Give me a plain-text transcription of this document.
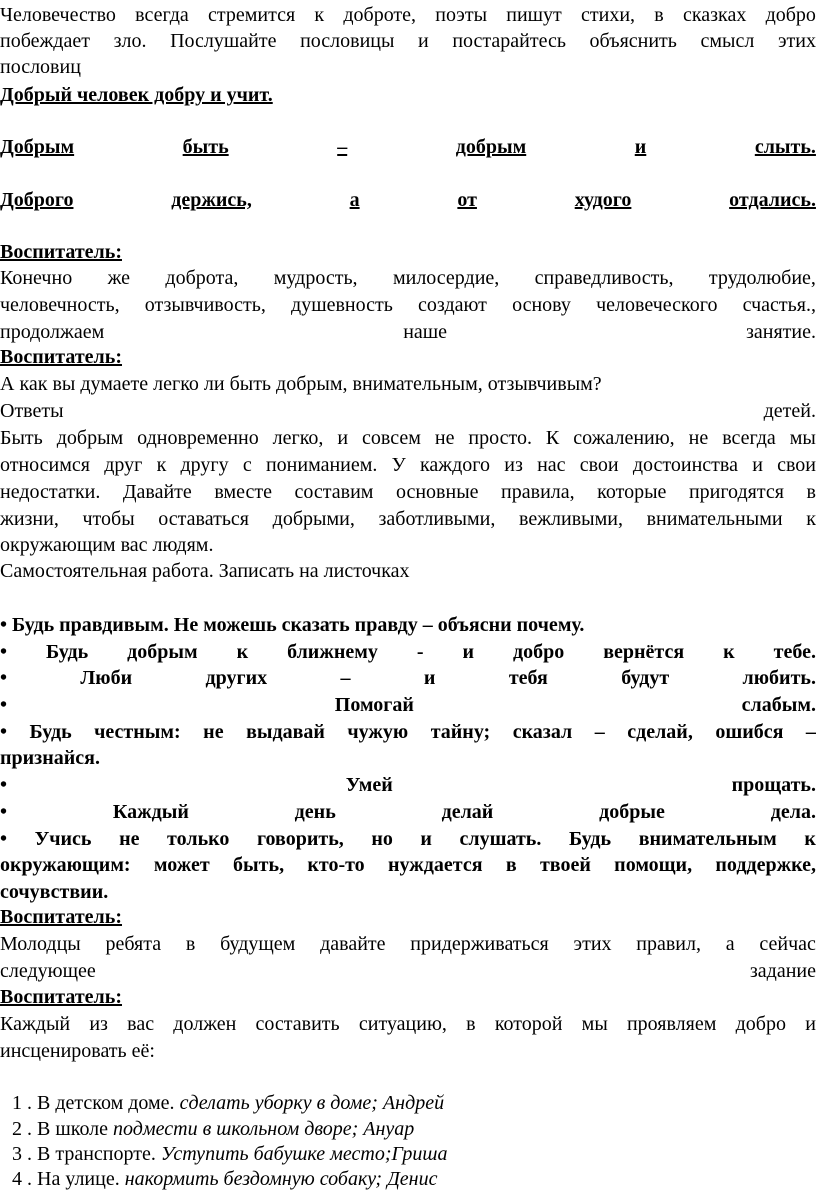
Человечество всегда стремится к доброте, поэты пишут стихи, в сказках добро
побеждает зло. Послушайте пословицы и постарайтесь объяснить смысл этих
пословиц
Добрый человек добру и учит.
Добрым	быть	–	добрым	и	слыть.
Доброго	держись,	а	от	худого	отдались.
Воспитатель:
Конечно же доброта, мудрость, милосердие, справедливость, трудолюбие,
человечность, отзывчивость, душевность создают основу человеческого счастья.,
продолжаем	наше	занятие.
Воспитатель:
А как вы думаете легко ли быть добрым, внимательным, отзывчивым?
Ответы	детей.
Быть добрым одновременно легко, и совсем не просто. К сожалению, не всегда мы
относимся друг к другу с пониманием. У каждого из нас свои достоинства и свои
недостатки. Давайте вместе составим основные правила, которые пригодятся в
жизни, чтобы оставаться добрыми, заботливыми, вежливыми, внимательными к
окружающим вас людям.
Самостоятельная работа. Записать на листочках
• Будь правдивым. Не можешь сказать правду – объясни почему.
• Будь добрым к ближнему - и добро вернётся к тебе.
•	Люби	других	–	и	тебя	будут	любить.
•	Помогай	слабым.
• Будь честным: не выдавай чужую тайну; сказал – сделай, ошибся –
признайся.
•	Умей	прощать.
•	Каждый	день	делай	добрые	дела.
• Учись не только говорить, но и слушать. Будь внимательным к
окружающим: может быть, кто-то нуждается в твоей помощи, поддержке,
сочувствии.
Воспитатель:
Молодцы ребята в будущем давайте придерживаться этих правил, а сейчас
следующее	задание
Воспитатель:
Каждый из вас должен составить ситуацию, в которой мы проявляем добро и
инсценировать её:
1 . В детском доме. сделать уборку в доме; Андрей
2 . В школе подмести в школьном дворе; Ануар
3 . В транспорте. Уступить бабушке место;Гриша
4 . На улице. накормить бездомную собаку; Денис
